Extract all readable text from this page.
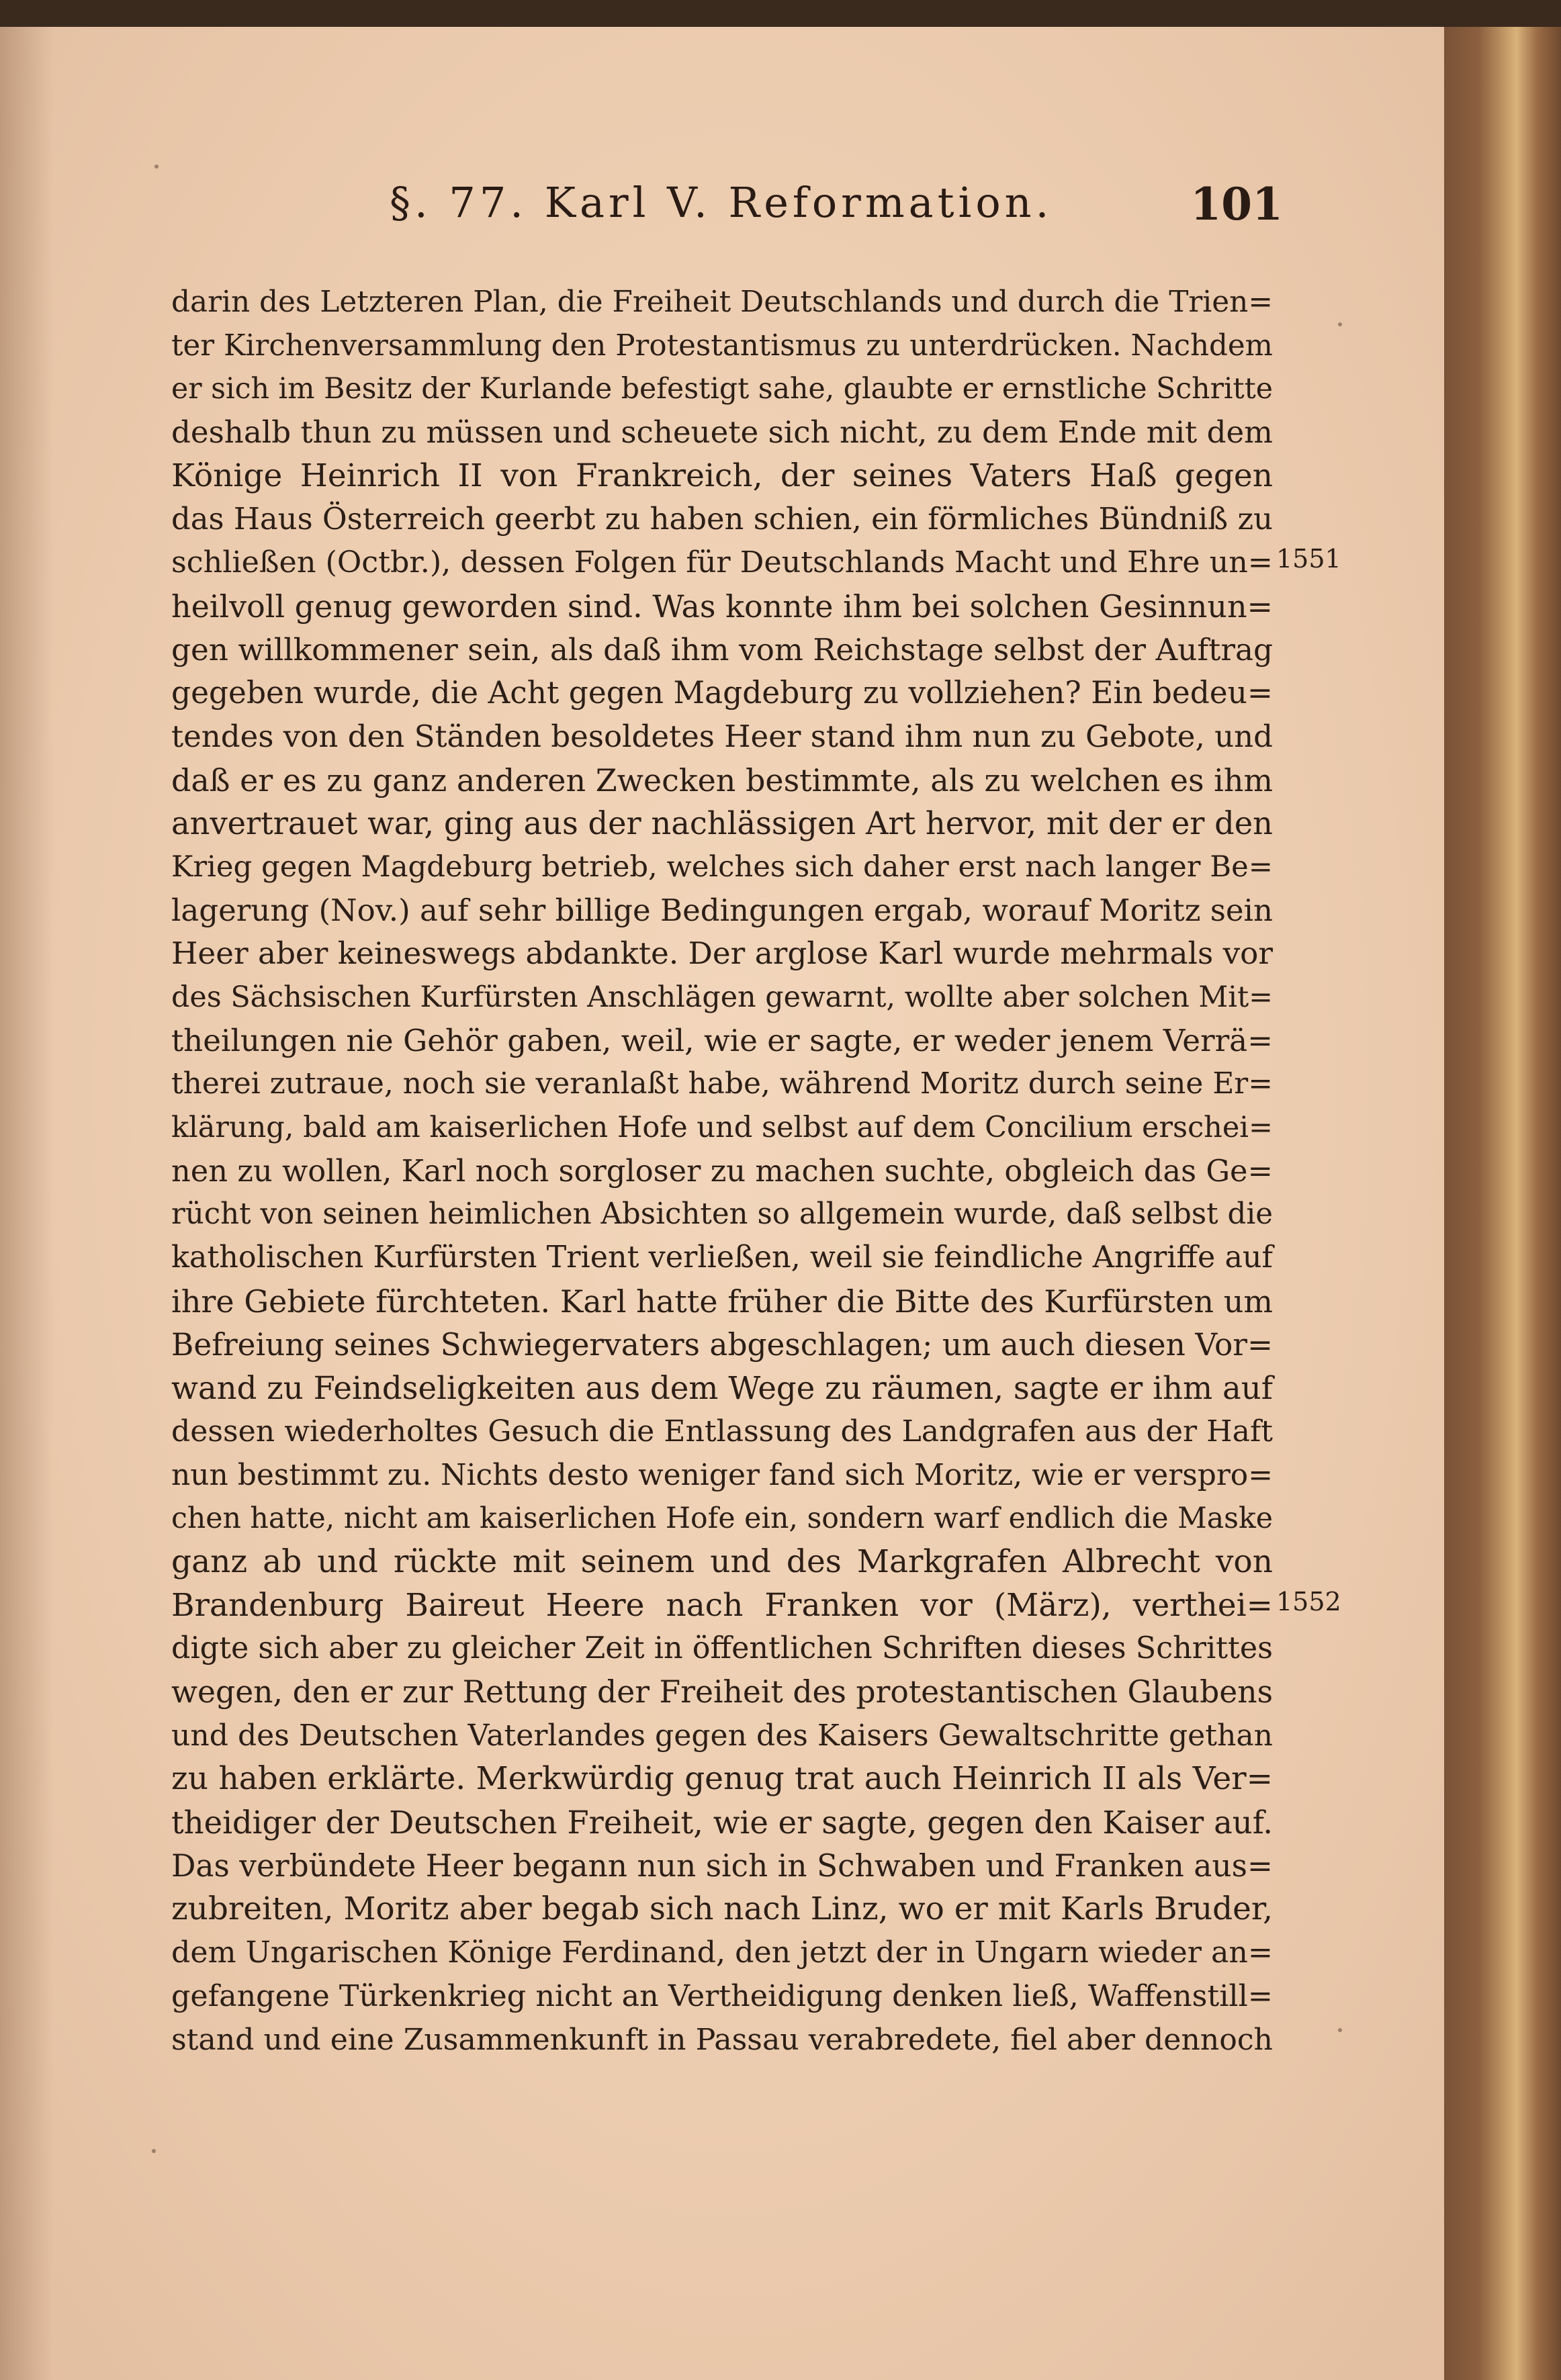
§. 77. Karl V. Reformation.	101
darin des Letzteren Plan, die Freiheit Deutschlands und durch die Trien=
ter Kirchenversammlung den Protestantismus zu unterdrücken. Nachdem
er sich im Besitz der Kurlande befestigt sahe, glaubte er ernstliche Schritte
deshalb thun zu müssen und scheuete sich nicht, zu dem Ende mit dem
Könige Heinrich II von Frankreich, der seines Vaters Haß gegen
das Haus Österreich geerbt zu haben schien, ein förmliches Bündniß zu
schließen (Octbr.), dessen Folgen für Deutschlands Macht und Ehre un=
heilvoll genug geworden sind. Was konnte ihm bei solchen Gesinnun=
gen willkommener sein, als daß ihm vom Reichstage selbst der Auftrag
gegeben wurde, die Acht gegen Magdeburg zu vollziehen? Ein bedeu=
tendes von den Ständen besoldetes Heer stand ihm nun zu Gebote, und
daß er es zu ganz anderen Zwecken bestimmte, als zu welchen es ihm
anvertrauet war, ging aus der nachlässigen Art hervor, mit der er den
Krieg gegen Magdeburg betrieb, welches sich daher erst nach langer Be=
lagerung (Nov.) auf sehr billige Bedingungen ergab, worauf Moritz sein
Heer aber keineswegs abdankte. Der arglose Karl wurde mehrmals vor
des Sächsischen Kurfürsten Anschlägen gewarnt, wollte aber solchen Mit=
theilungen nie Gehör gaben, weil, wie er sagte, er weder jenem Verrä=
therei zutraue, noch sie veranlaßt habe, während Moritz durch seine Er=
klärung, bald am kaiserlichen Hofe und selbst auf dem Concilium erschei=
nen zu wollen, Karl noch sorgloser zu machen suchte, obgleich das Ge=
rücht von seinen heimlichen Absichten so allgemein wurde, daß selbst die
katholischen Kurfürsten Trient verließen, weil sie feindliche Angriffe auf
ihre Gebiete fürchteten. Karl hatte früher die Bitte des Kurfürsten um
Befreiung seines Schwiegervaters abgeschlagen; um auch diesen Vor=
wand zu Feindseligkeiten aus dem Wege zu räumen, sagte er ihm auf
dessen wiederholtes Gesuch die Entlassung des Landgrafen aus der Haft
nun bestimmt zu. Nichts desto weniger fand sich Moritz, wie er verspro=
chen hatte, nicht am kaiserlichen Hofe ein, sondern warf endlich die Maske
ganz ab und rückte mit seinem und des Markgrafen Albrecht von
Brandenburg Baireut Heere nach Franken vor (März), verthei=
digte sich aber zu gleicher Zeit in öffentlichen Schriften dieses Schrittes
wegen, den er zur Rettung der Freiheit des protestantischen Glaubens
und des Deutschen Vaterlandes gegen des Kaisers Gewaltschritte gethan
zu haben erklärte. Merkwürdig genug trat auch Heinrich II als Ver=
theidiger der Deutschen Freiheit, wie er sagte, gegen den Kaiser auf.
Das verbündete Heer begann nun sich in Schwaben und Franken aus=
zubreiten, Moritz aber begab sich nach Linz, wo er mit Karls Bruder,
dem Ungarischen Könige Ferdinand, den jetzt der in Ungarn wieder an=
gefangene Türkenkrieg nicht an Vertheidigung denken ließ, Waffenstill=
stand und eine Zusammenkunft in Passau verabredete, fiel aber dennoch
1551
1552
